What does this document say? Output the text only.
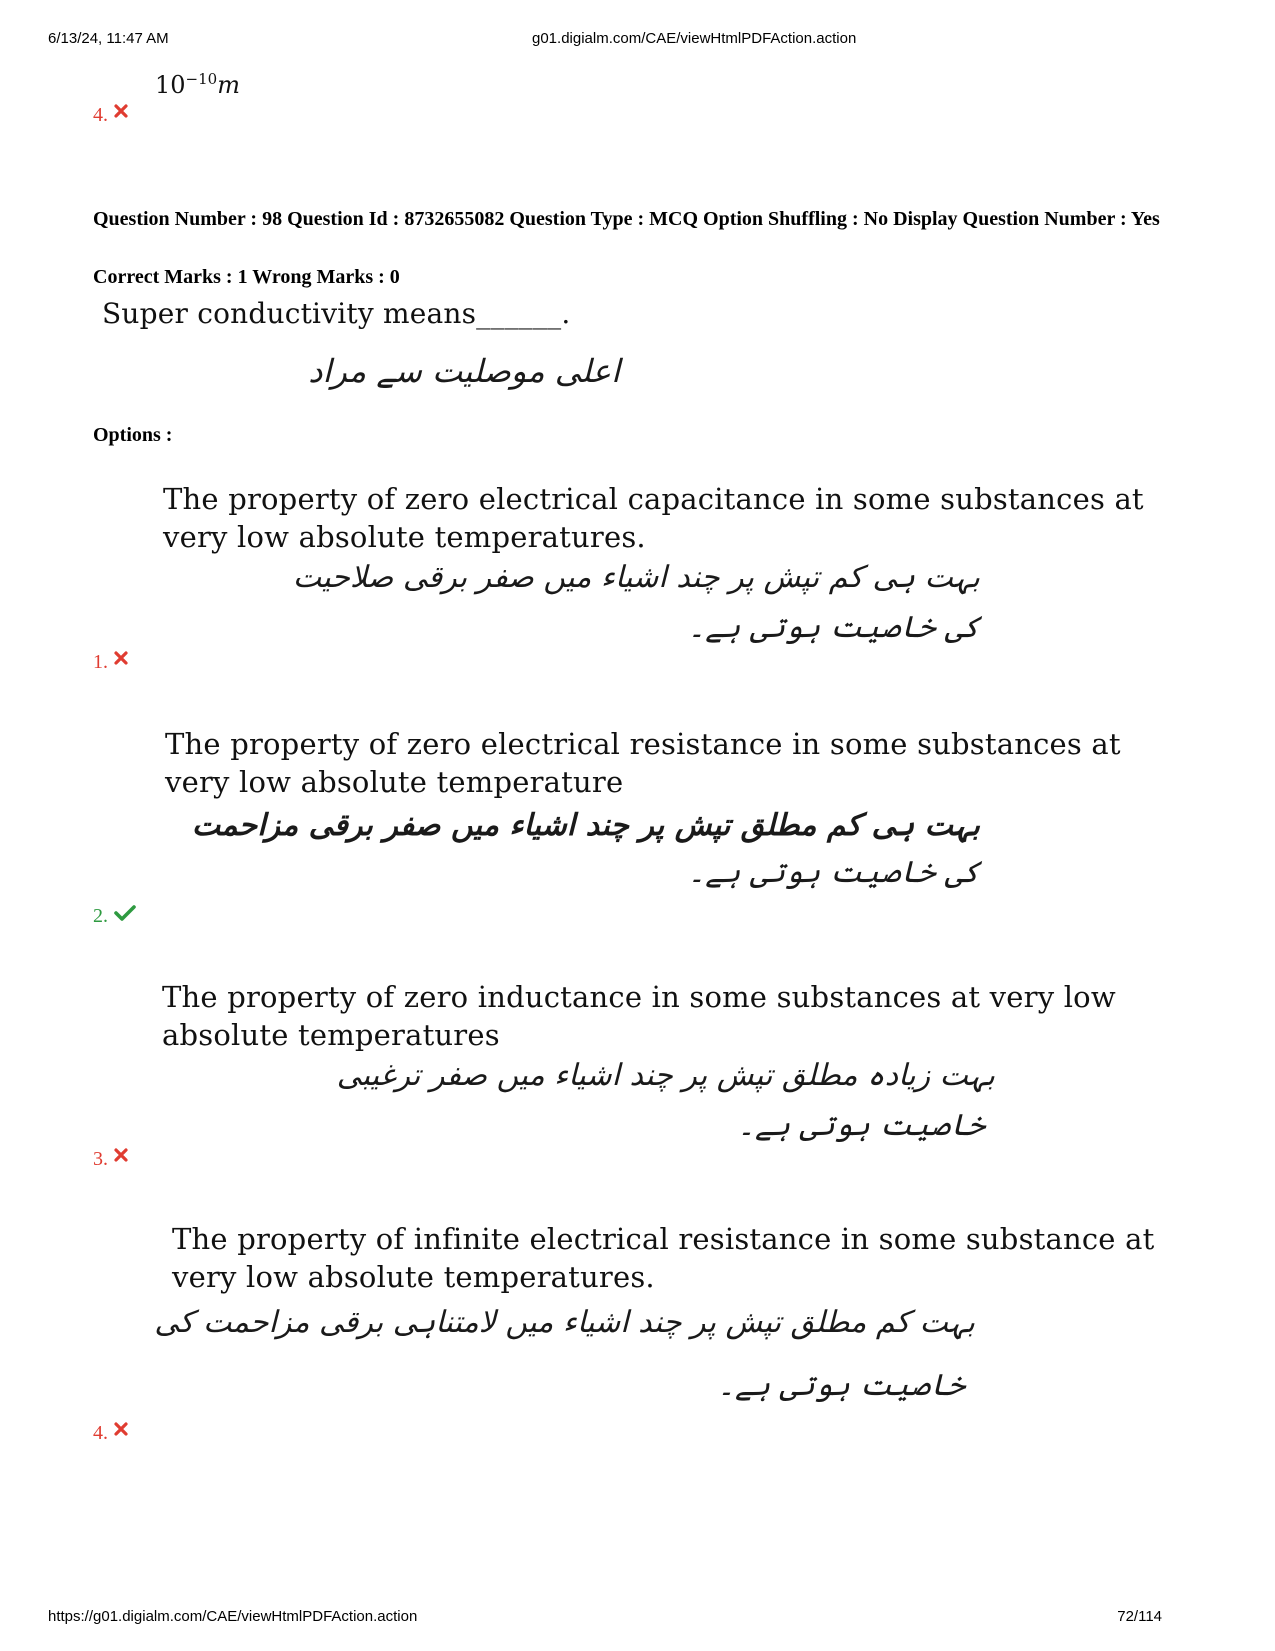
6/13/24, 11:47 AM	g01.digialm.com/CAE/viewHtmlPDFAction.action
$10^{-10}m$
4.
Question Number : 98 Question Id : 8732655082 Question Type : MCQ Option Shuffling : No Display Question Number : Yes
Correct Marks : 1 Wrong Marks : 0
Super conductivity means______.
اعلی موصلیت سے مراد
Options :
The property of zero electrical capacitance in some substances at
very low absolute temperatures.
بہت ہی کم تپش پر چند اشیاء میں صفر برقی صلاحیت
کی خاصیت ہوتی ہے۔
1.
The property of zero electrical resistance in some substances at
very low absolute temperature
بہت ہی کم مطلق تپش پر چند اشیاء میں صفر برقی مزاحمت
کی خاصیت ہوتی ہے۔
2.
The property of zero inductance in some substances at very low
absolute temperatures
بہت زیادہ مطلق تپش پر چند اشیاء میں صفر ترغیبی
خاصیت ہوتی ہے۔
3.
The property of infinite electrical resistance in some substance at
very low absolute temperatures.
بہت کم مطلق تپش پر چند اشیاء میں لامتناہی برقی مزاحمت کی
خاصیت ہوتی ہے۔
4.
https://g01.digialm.com/CAE/viewHtmlPDFAction.action	72/114
